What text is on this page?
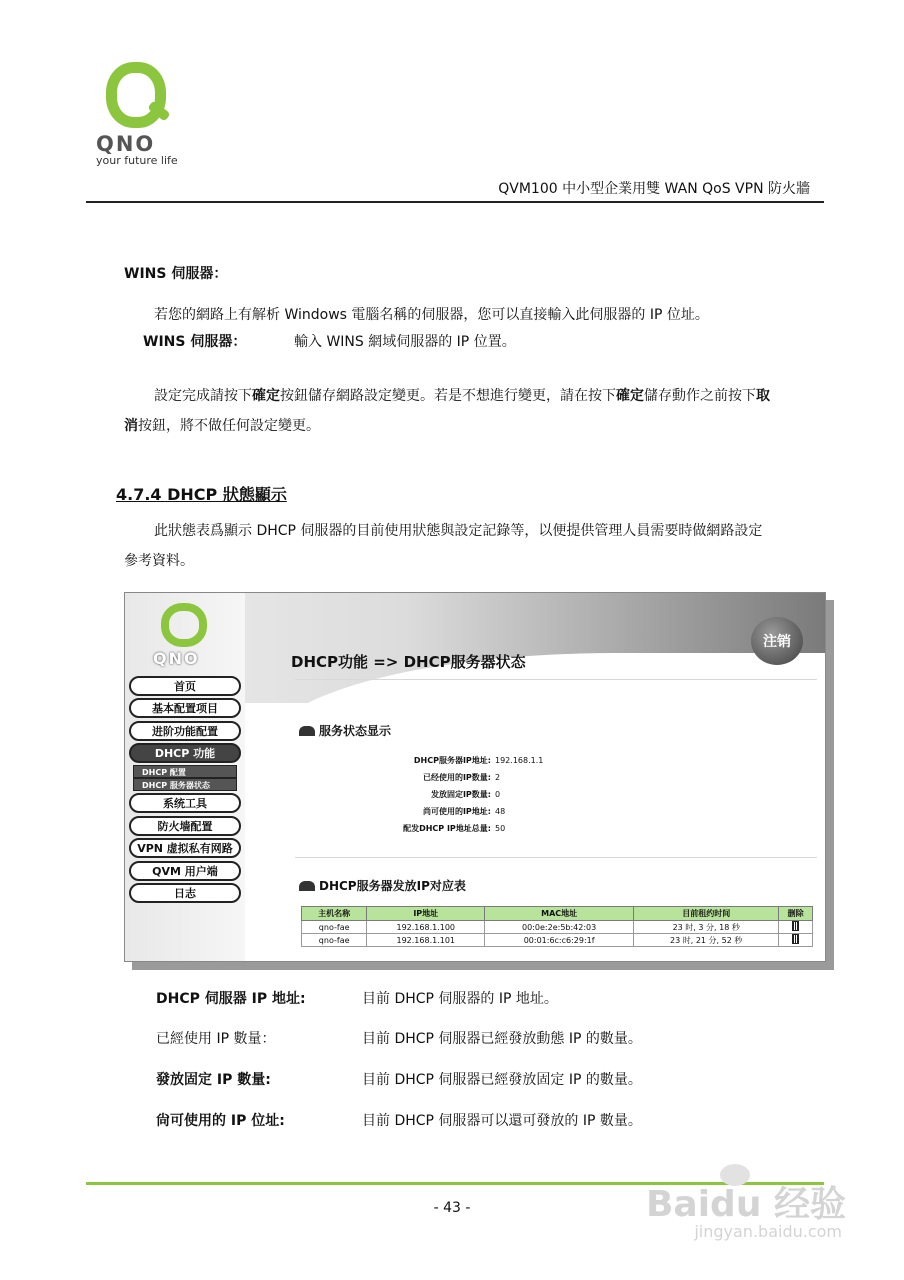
QNO
your future life
QVM100 中小型企業用雙 WAN QoS VPN 防火牆
WINS 伺服器：
若您的網路上有解析 Windows 電腦名稱的伺服器，您可以直接輸入此伺服器的 IP 位址。
WINS 伺服器：	輸入 WINS 網域伺服器的 IP 位置。
設定完成請按下確定按鈕儲存網路設定變更。若是不想進行變更，請在按下確定儲存動作之前按下取
消按鈕，將不做任何設定變更。
4.7.4 DHCP 狀態顯示
此狀態表爲顯示 DHCP 伺服器的目前使用狀態與設定記錄等，以便提供管理人員需要時做網路設定
參考資料。
QNO
注销
DHCP功能 => DHCP服务器状态
首页
基本配置项目
进阶功能配置
DHCP 功能
DHCP 配置
DHCP 服务器状态
系统工具
防火墙配置
VPN 虚拟私有网路
QVM 用户端
日志
服务状态显示
DHCP服务器IP地址: 192.168.1.1
已经使用的IP数量: 2
发放固定IP数量: 0
尚可使用的IP地址: 48
配发DHCP IP地址总量: 50
DHCP服务器发放IP对应表
主机名称	IP地址	MAC地址	目前租约时间	删除
qno-fae	192.168.1.100	00:0e:2e:5b:42:03	23 时, 3 分, 18 秒	
qno-fae	192.168.1.101	00:01:6c:c6:29:1f	23 时, 21 分, 52 秒	
DHCP 伺服器 IP 地址:	目前 DHCP 伺服器的 IP 地址。
已經使用 IP 數量：	目前 DHCP 伺服器已經發放動態 IP 的數量。
發放固定 IP 數量:	目前 DHCP 伺服器已經發放固定 IP 的數量。
尙可使用的 IP 位址:	目前 DHCP 伺服器可以還可發放的 IP 數量。
- 43 -	Baidu 经验
jingyan.baidu.com
